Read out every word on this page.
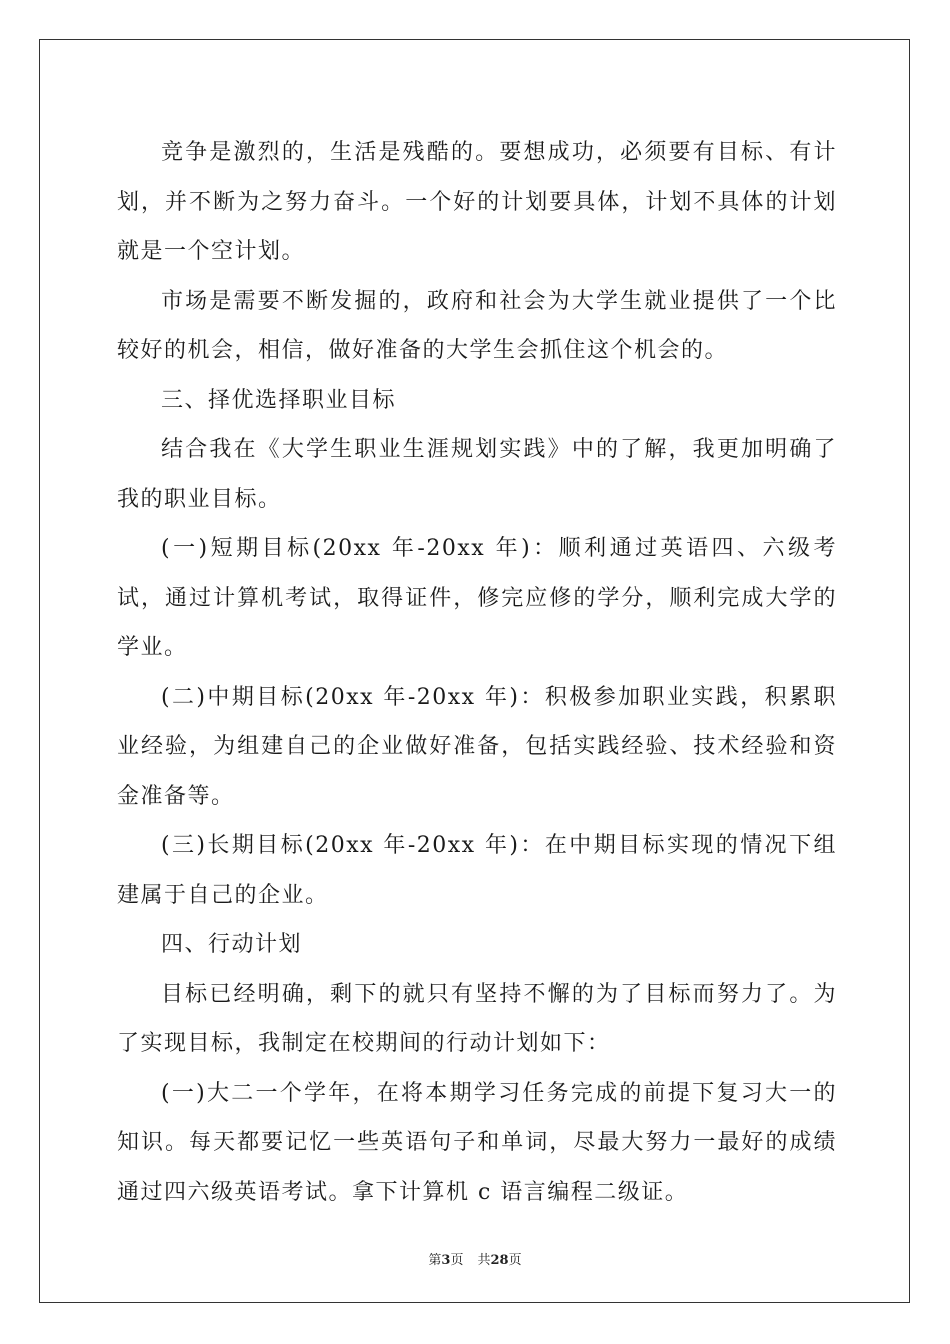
竞争是激烈的，生活是残酷的。要想成功，必须要有目标、有计划，并不断为之努力奋斗。一个好的计划要具体，计划不具体的计划就是一个空计划。

市场是需要不断发掘的，政府和社会为大学生就业提供了一个比较好的机会，相信，做好准备的大学生会抓住这个机会的。

三、择优选择职业目标

结合我在《大学生职业生涯规划实践》中的了解，我更加明确了我的职业目标。

(一)短期目标(20xx 年-20xx 年)：顺利通过英语四、六级考试，通过计算机考试，取得证件，修完应修的学分，顺利完成大学的学业。

(二)中期目标(20xx 年-20xx 年)：积极参加职业实践，积累职业经验，为组建自己的企业做好准备，包括实践经验、技术经验和资金准备等。

(三)长期目标(20xx 年-20xx 年)：在中期目标实现的情况下组建属于自己的企业。

四、行动计划

目标已经明确，剩下的就只有坚持不懈的为了目标而努力了。为了实现目标，我制定在校期间的行动计划如下：

(一)大二一个学年，在将本期学习任务完成的前提下复习大一的知识。每天都要记忆一些英语句子和单词，尽最大努力一最好的成绩通过四六级英语考试。拿下计算机 c 语言编程二级证。

第3页 共28页
